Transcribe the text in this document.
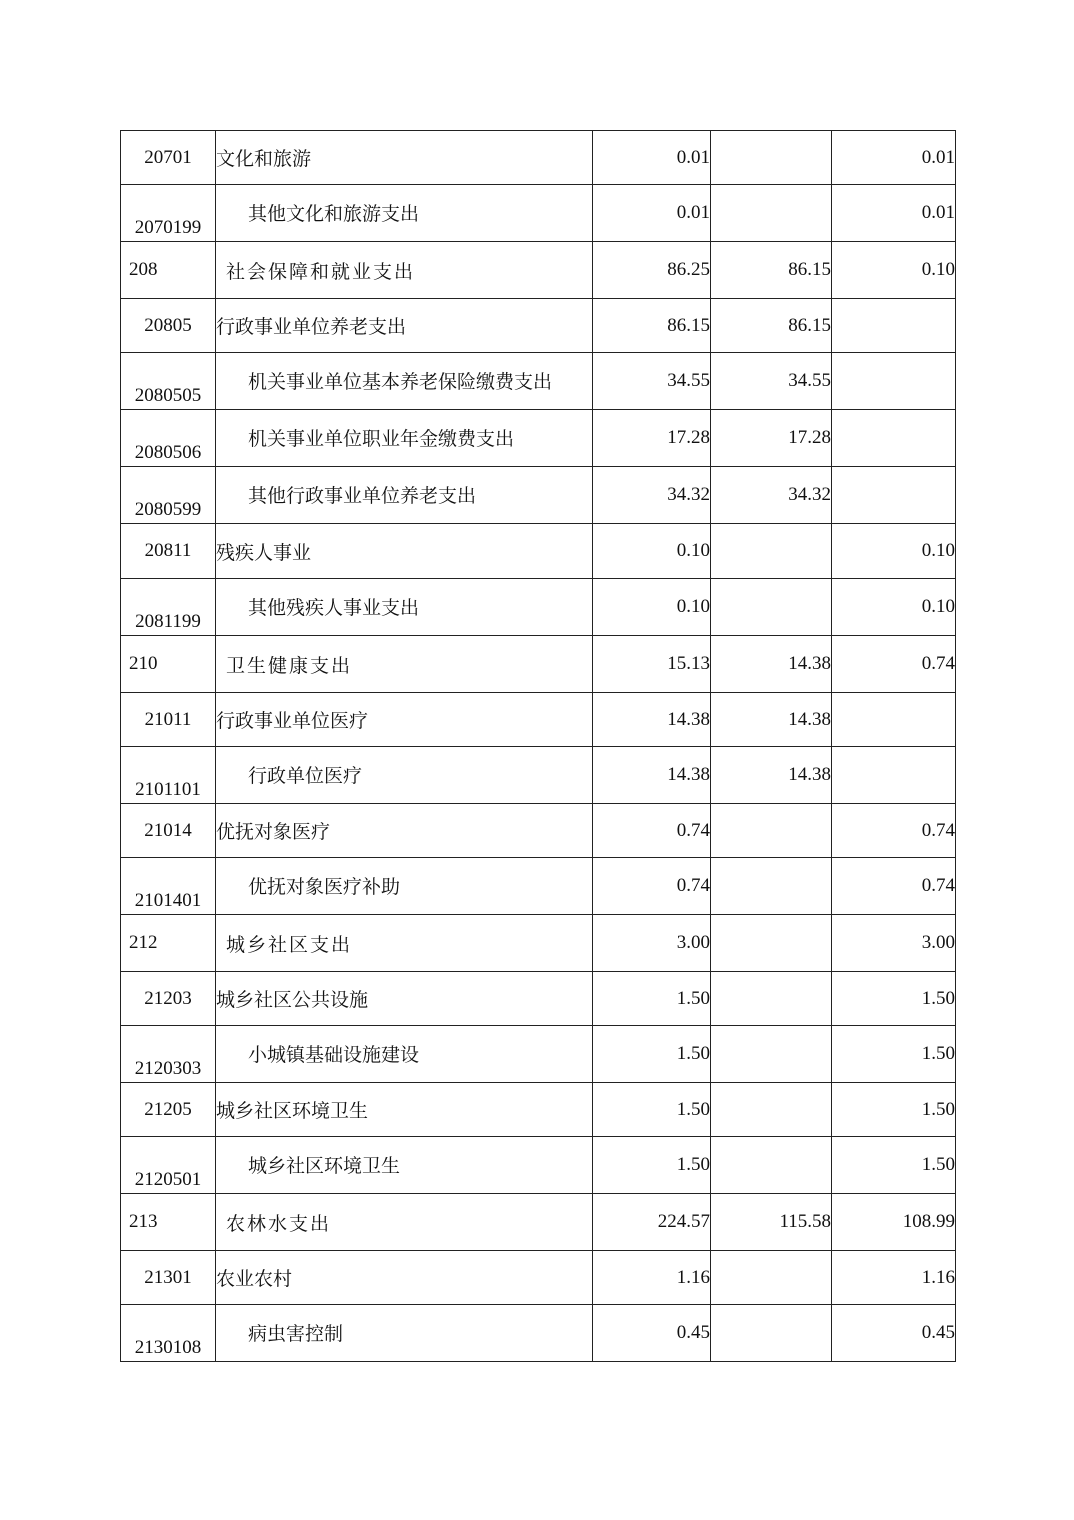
20701	文化和旅游	0.01		0.01
2070199	其他文化和旅游支出	0.01		0.01
208	社会保障和就业支出	86.25	86.15	0.10
20805	行政事业单位养老支出	86.15	86.15	
2080505	机关事业单位基本养老保险缴费支出	34.55	34.55	
2080506	机关事业单位职业年金缴费支出	17.28	17.28	
2080599	其他行政事业单位养老支出	34.32	34.32	
20811	残疾人事业	0.10		0.10
2081199	其他残疾人事业支出	0.10		0.10
210	卫生健康支出	15.13	14.38	0.74
21011	行政事业单位医疗	14.38	14.38	
2101101	行政单位医疗	14.38	14.38	
21014	优抚对象医疗	0.74		0.74
2101401	优抚对象医疗补助	0.74		0.74
212	城乡社区支出	3.00		3.00
21203	城乡社区公共设施	1.50		1.50
2120303	小城镇基础设施建设	1.50		1.50
21205	城乡社区环境卫生	1.50		1.50
2120501	城乡社区环境卫生	1.50		1.50
213	农林水支出	224.57	115.58	108.99
21301	农业农村	1.16		1.16
2130108	病虫害控制	0.45		0.45
